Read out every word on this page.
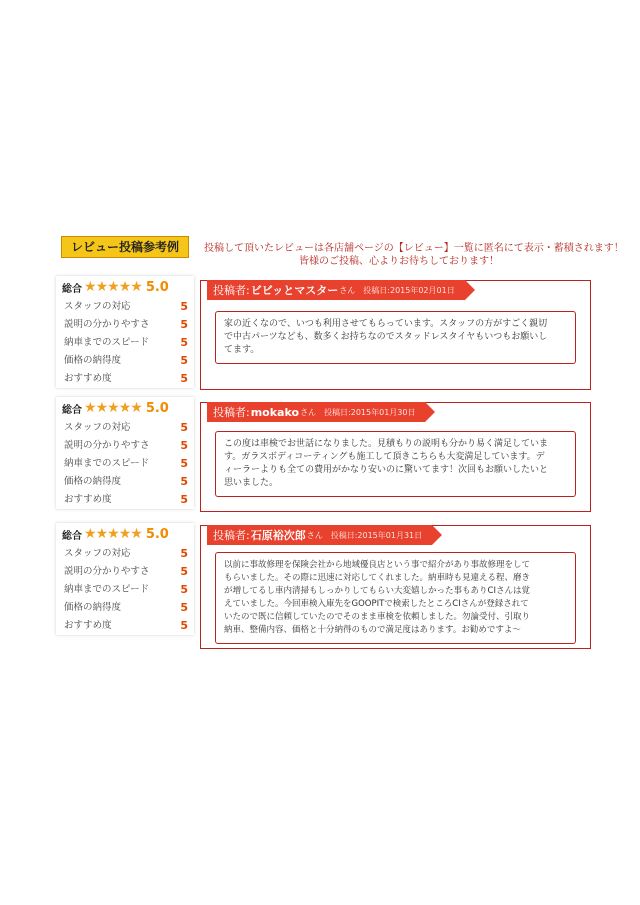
レビュー投稿参考例	投稿して頂いたレビューは各店舗ページの【レビュー】一覧に匿名にて表示・蓄積されます！
皆様のご投稿、心よりお待ちしております！
総合 ★ ★ ★ ★ ★ 5.0
スタッフの対応	5
説明の分かりやすさ	5
納車までのスピード	5
価格の納得度	5
おすすめ度	5
投稿者: ビビッとマスター さん 投稿日:2015年02月01日
家の近くなので、いつも利用させてもらっています。スタッフの方がすごく親切
で中古パーツなども、数多くお持ちなのでスタッドレスタイヤもいつもお願いし
てます。
総合 ★ ★ ★ ★ ★ 5.0
スタッフの対応	5
説明の分かりやすさ	5
納車までのスピード	5
価格の納得度	5
おすすめ度	5
投稿者: mokako さん 投稿日:2015年01月30日
この度は車検でお世話になりました。見積もりの説明も分かり易く満足していま
す。ガラスボディコーティングも施工して頂きこちらも大変満足しています。デ
ィーラーよりも全ての費用がかなり安いのに驚いてます！次回もお願いしたいと
思いました。
総合 ★ ★ ★ ★ ★ 5.0
スタッフの対応	5
説明の分かりやすさ	5
納車までのスピード	5
価格の納得度	5
おすすめ度	5
投稿者: 石原裕次郎 さん 投稿日:2015年01月31日
以前に事故修理を保険会社から地域優良店という事で紹介があり事故修理をして
もらいました。その際に迅速に対応してくれました。納車時も見違える程、磨き
が増してるし車内清掃もしっかりしてもらい大変嬉しかった事もありCIさんは覚
えていました。今回車検入庫先をGOOPITで検索したところCIさんが登録されて
いたので既に信頼していたのでそのまま車検を依頼しました。勿論受付、引取り
納車、整備内容、価格と十分納得のもので満足度はあります。お勧めですよ～
